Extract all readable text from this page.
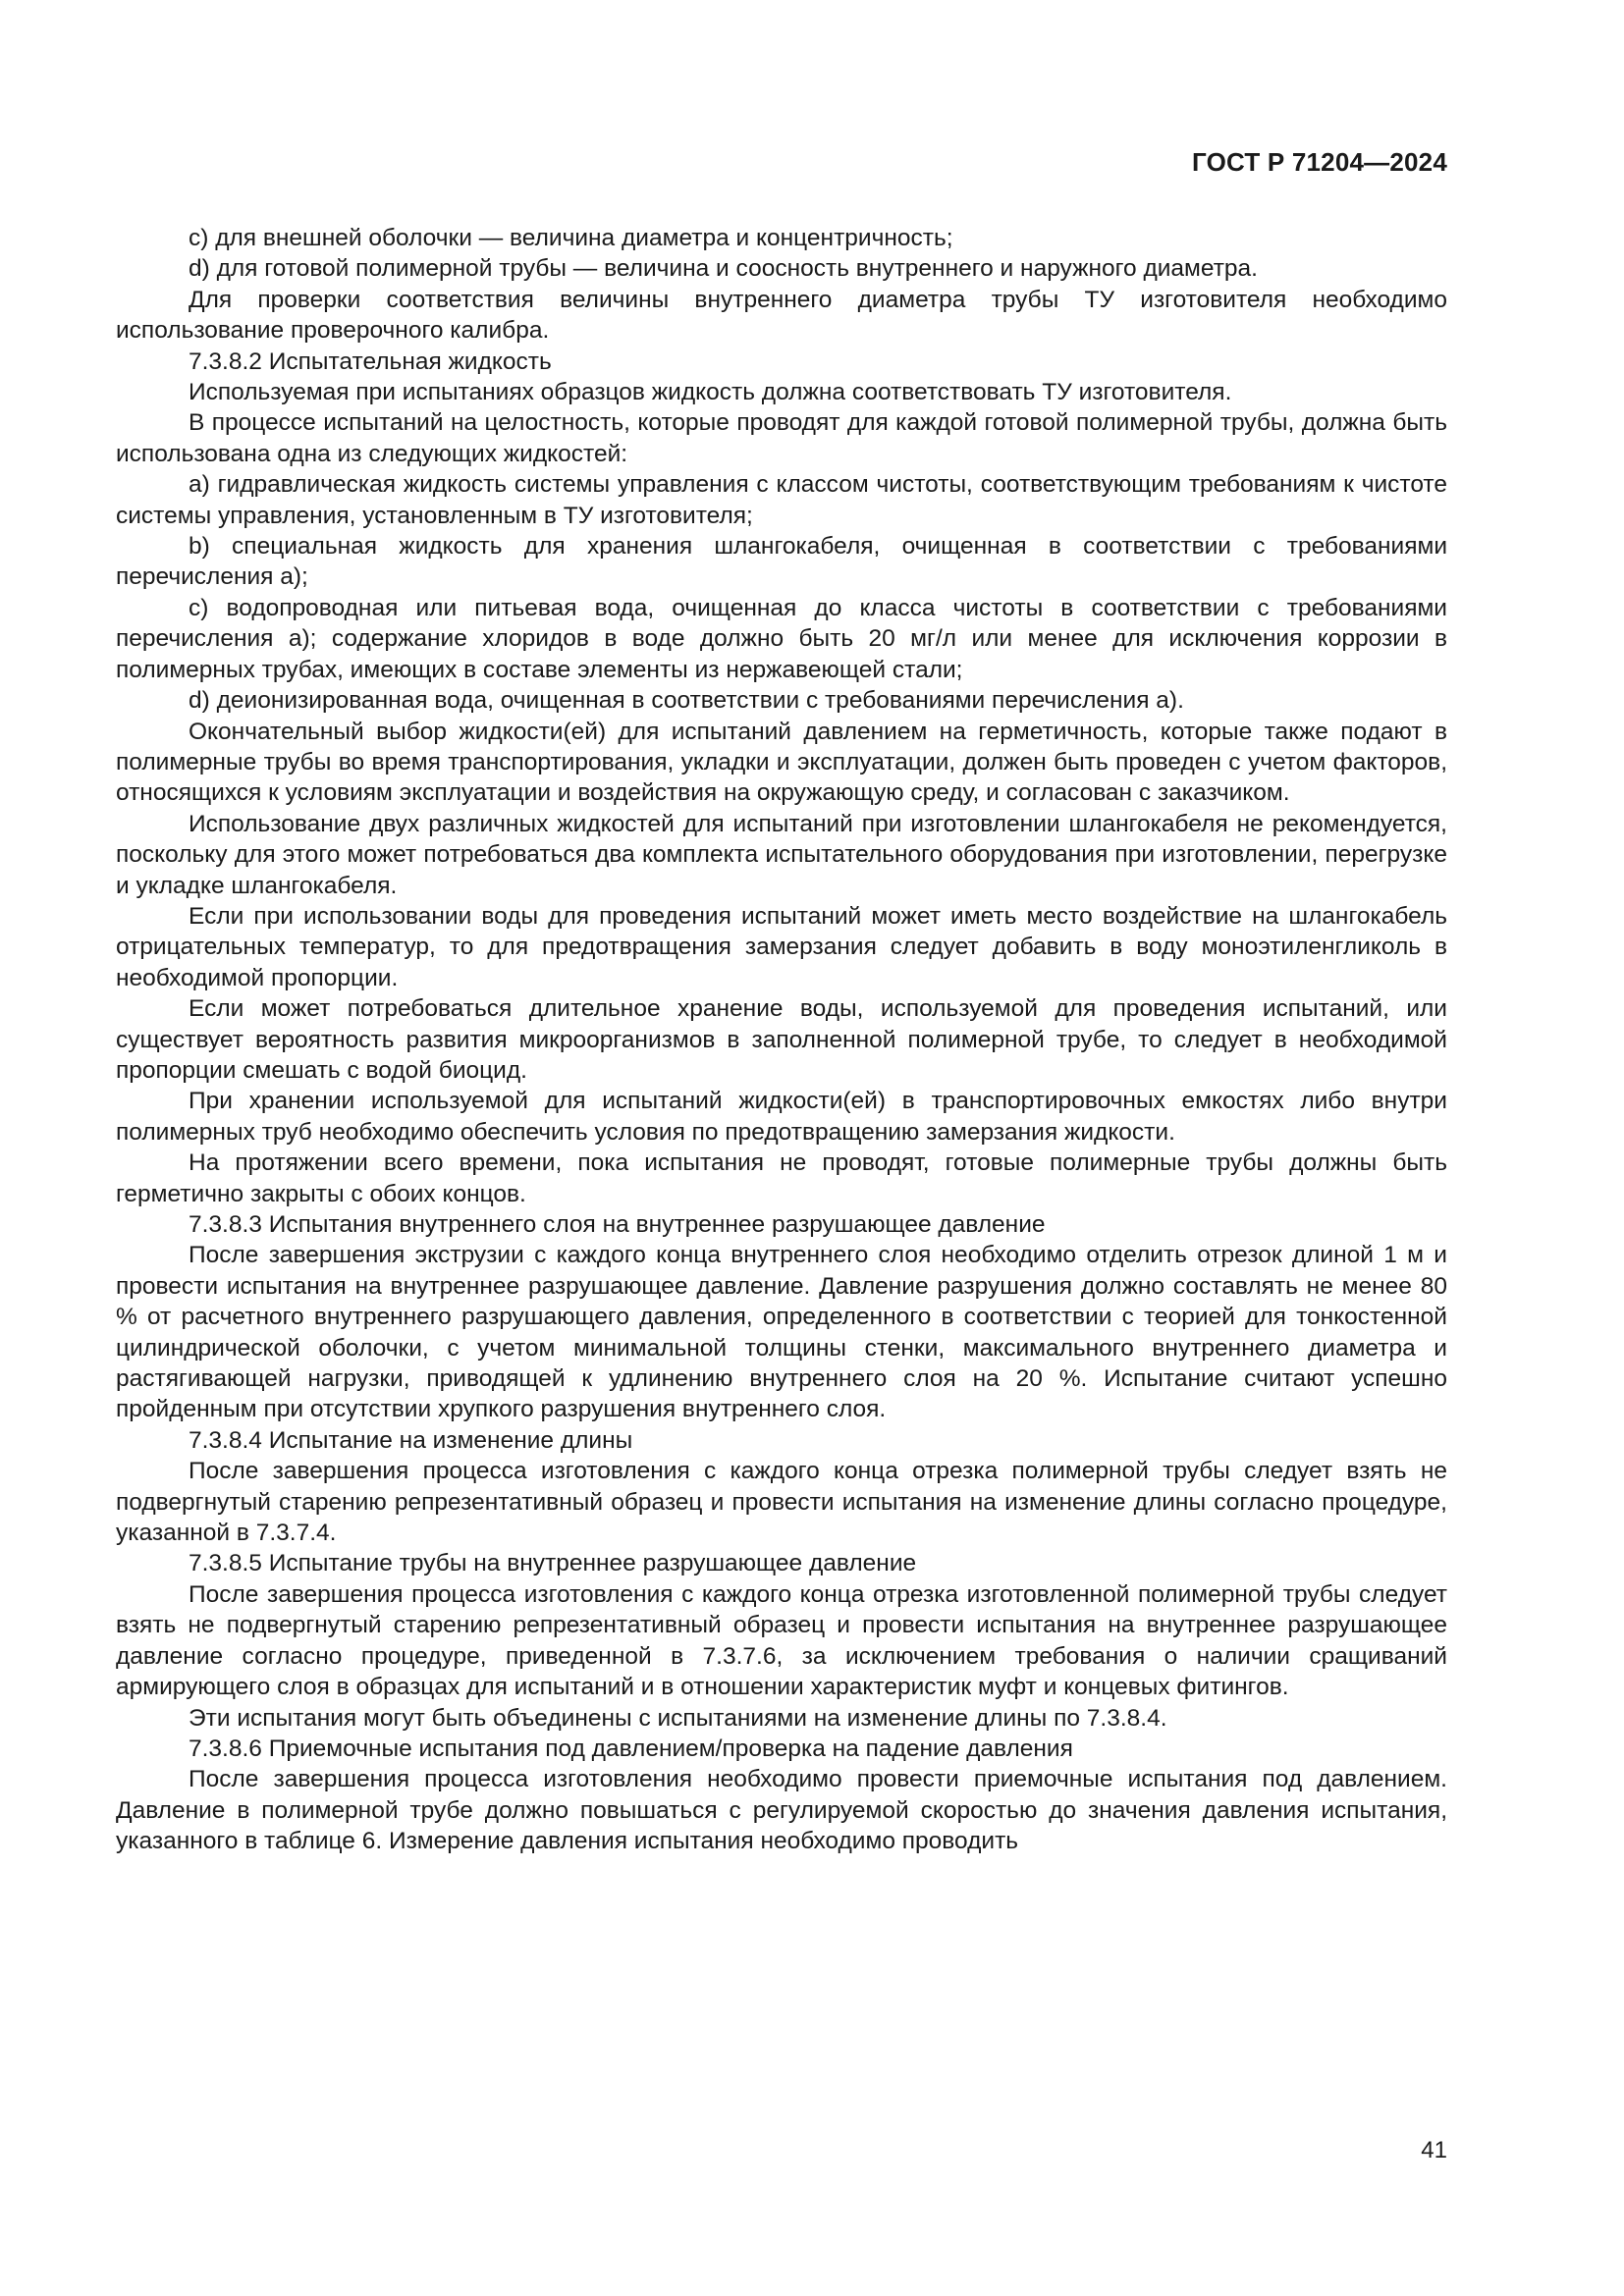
ГОСТ Р 71204—2024

с) для внешней оболочки — величина диаметра и концентричность;

d) для готовой полимерной трубы — величина и соосность внутреннего и наружного диаметра.

Для проверки соответствия величины внутреннего диаметра трубы ТУ изготовителя необходимо использование проверочного калибра.

7.3.8.2 Испытательная жидкость

Используемая при испытаниях образцов жидкость должна соответствовать ТУ изготовителя.

В процессе испытаний на целостность, которые проводят для каждой готовой полимерной трубы, должна быть использована одна из следующих жидкостей:

а) гидравлическая жидкость системы управления с классом чистоты, соответствующим требованиям к чистоте системы управления, установленным в ТУ изготовителя;

b) специальная жидкость для хранения шлангокабеля, очищенная в соответствии с требованиями перечисления а);

с) водопроводная или питьевая вода, очищенная до класса чистоты в соответствии с требованиями перечисления а); содержание хлоридов в воде должно быть 20 мг/л или менее для исключения коррозии в полимерных трубах, имеющих в составе элементы из нержавеющей стали;

d) деионизированная вода, очищенная в соответствии с требованиями перечисления а).

Окончательный выбор жидкости(ей) для испытаний давлением на герметичность, которые также подают в полимерные трубы во время транспортирования, укладки и эксплуатации, должен быть проведен с учетом факторов, относящихся к условиям эксплуатации и воздействия на окружающую среду, и согласован с заказчиком.

Использование двух различных жидкостей для испытаний при изготовлении шлангокабеля не рекомендуется, поскольку для этого может потребоваться два комплекта испытательного оборудования при изготовлении, перегрузке и укладке шлангокабеля.

Если при использовании воды для проведения испытаний может иметь место воздействие на шлангокабель отрицательных температур, то для предотвращения замерзания следует добавить в воду моноэтиленгликоль в необходимой пропорции.

Если может потребоваться длительное хранение воды, используемой для проведения испытаний, или существует вероятность развития микроорганизмов в заполненной полимерной трубе, то следует в необходимой пропорции смешать с водой биоцид.

При хранении используемой для испытаний жидкости(ей) в транспортировочных емкостях либо внутри полимерных труб необходимо обеспечить условия по предотвращению замерзания жидкости.

На протяжении всего времени, пока испытания не проводят, готовые полимерные трубы должны быть герметично закрыты с обоих концов.

7.3.8.3 Испытания внутреннего слоя на внутреннее разрушающее давление

После завершения экструзии с каждого конца внутреннего слоя необходимо отделить отрезок длиной 1 м и провести испытания на внутреннее разрушающее давление. Давление разрушения должно составлять не менее 80 % от расчетного внутреннего разрушающего давления, определенного в соответствии с теорией для тонкостенной цилиндрической оболочки, с учетом минимальной толщины стенки, максимального внутреннего диаметра и растягивающей нагрузки, приводящей к удлинению внутреннего слоя на 20 %. Испытание считают успешно пройденным при отсутствии хрупкого разрушения внутреннего слоя.

7.3.8.4 Испытание на изменение длины

После завершения процесса изготовления с каждого конца отрезка полимерной трубы следует взять не подвергнутый старению репрезентативный образец и провести испытания на изменение длины согласно процедуре, указанной в 7.3.7.4.

7.3.8.5 Испытание трубы на внутреннее разрушающее давление

После завершения процесса изготовления с каждого конца отрезка изготовленной полимерной трубы следует взять не подвергнутый старению репрезентативный образец и провести испытания на внутреннее разрушающее давление согласно процедуре, приведенной в 7.3.7.6, за исключением требования о наличии сращиваний армирующего слоя в образцах для испытаний и в отношении характеристик муфт и концевых фитингов.

Эти испытания могут быть объединены с испытаниями на изменение длины по 7.3.8.4.

7.3.8.6 Приемочные испытания под давлением/проверка на падение давления

После завершения процесса изготовления необходимо провести приемочные испытания под давлением. Давление в полимерной трубе должно повышаться с регулируемой скоростью до значения давления испытания, указанного в таблице 6. Измерение давления испытания необходимо проводить

41
